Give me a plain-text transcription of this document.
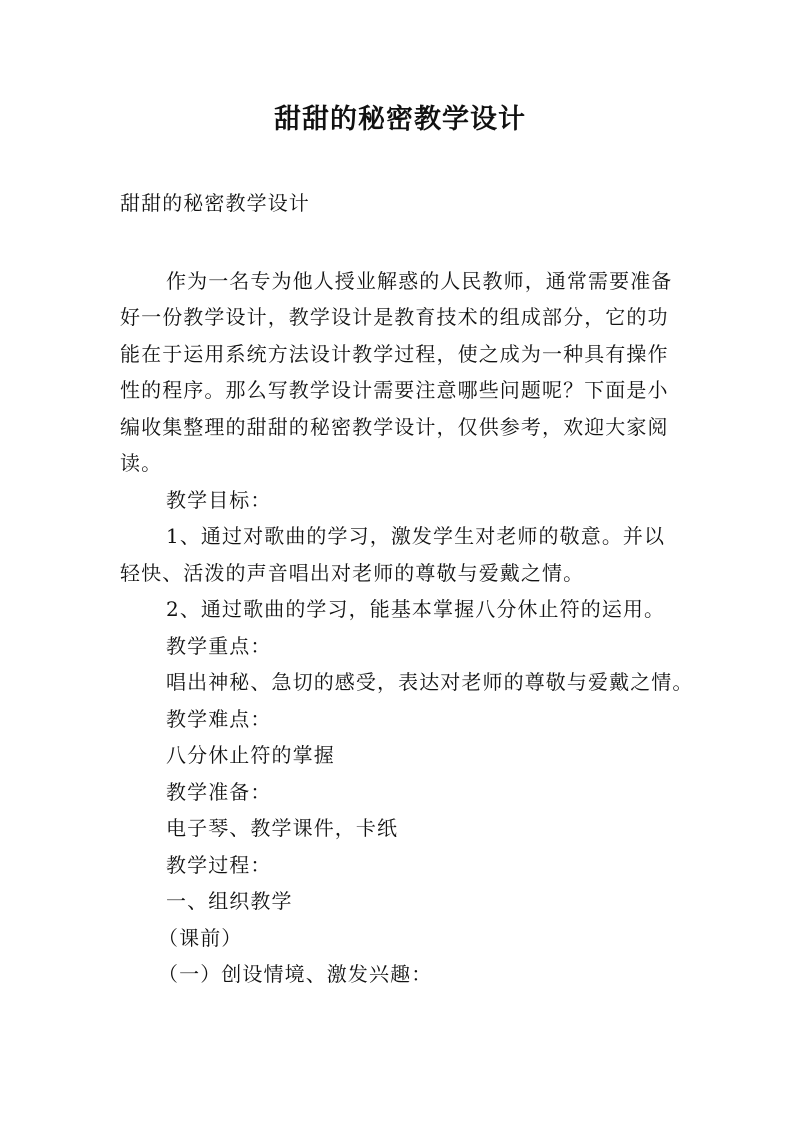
甜甜的秘密教学设计
甜甜的秘密教学设计
作为一名专为他人授业解惑的人民教师，通常需要准备
好一份教学设计，教学设计是教育技术的组成部分，它的功
能在于运用系统方法设计教学过程，使之成为一种具有操作
性的程序。那么写教学设计需要注意哪些问题呢？下面是小
编收集整理的甜甜的秘密教学设计，仅供参考，欢迎大家阅
读。
教学目标：
1、通过对歌曲的学习，激发学生对老师的敬意。并以
轻快、活泼的声音唱出对老师的尊敬与爱戴之情。
2、通过歌曲的学习，能基本掌握八分休止符的运用。
教学重点：
唱出神秘、急切的感受，表达对老师的尊敬与爱戴之情。
教学难点：
八分休止符的掌握
教学准备：
电子琴、教学课件，卡纸
教学过程：
一、组织教学
（课前）
（一）创设情境、激发兴趣：
